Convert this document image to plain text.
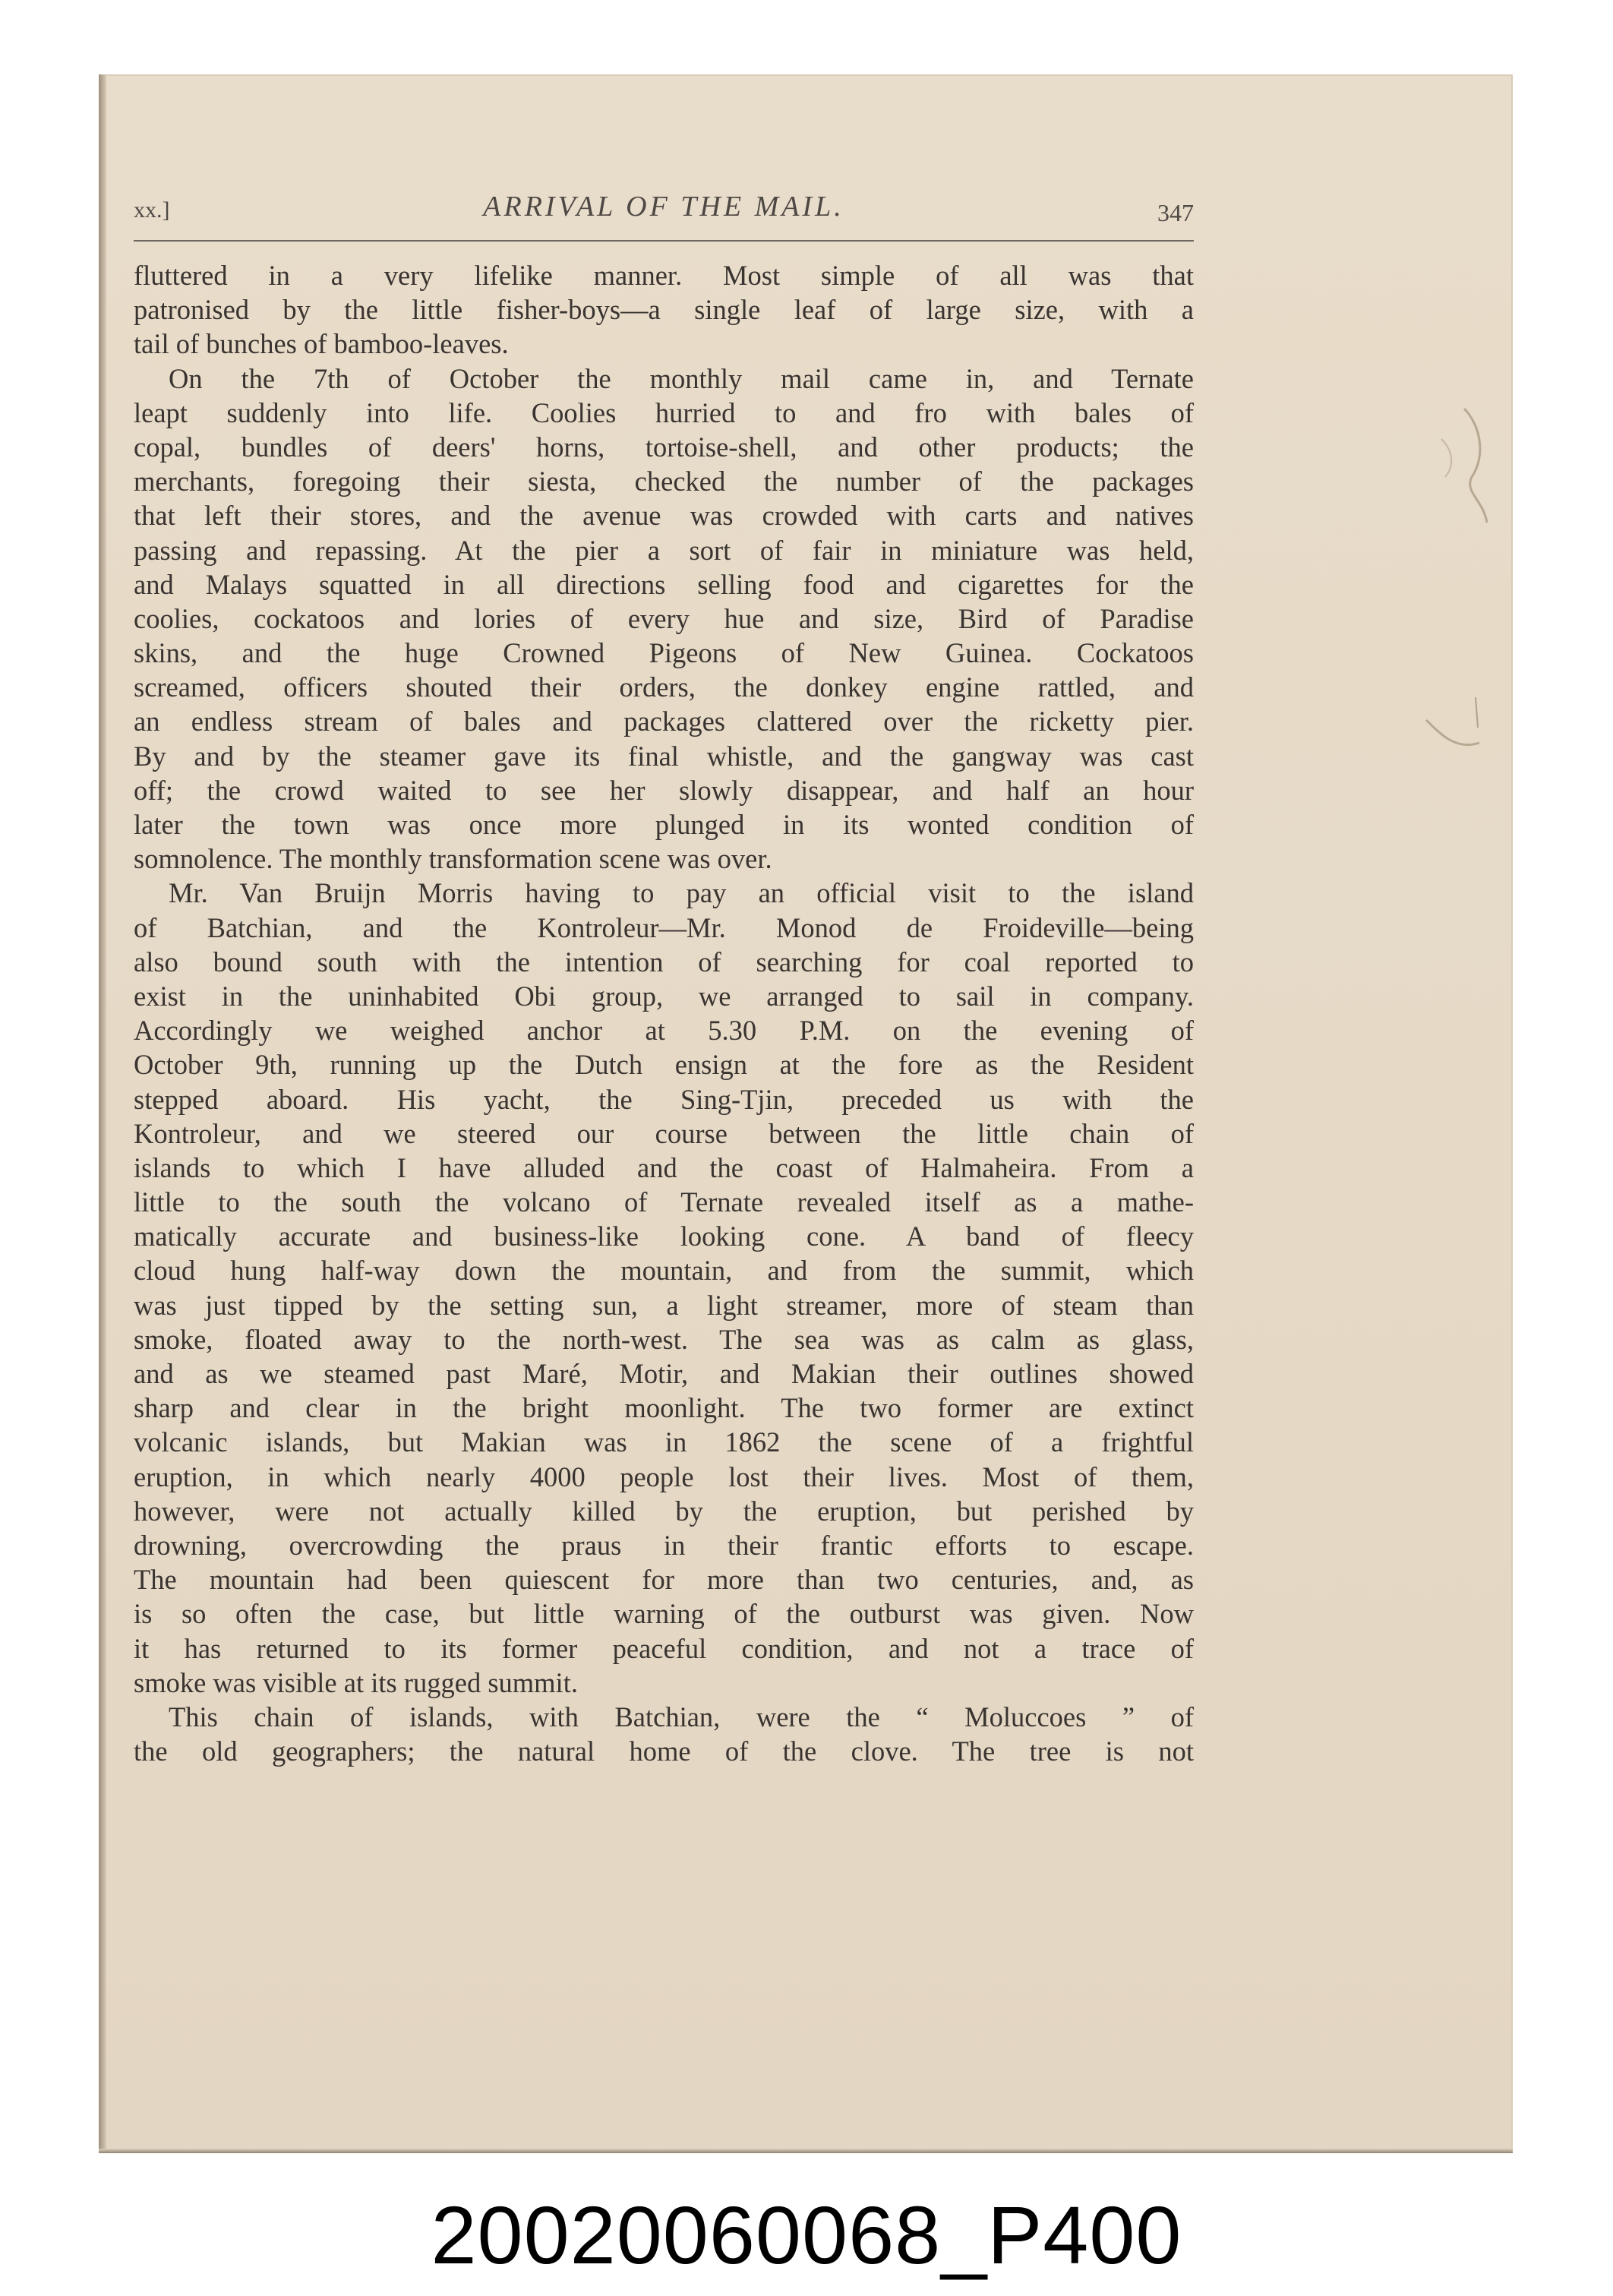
xx.]	ARRIVAL OF THE MAIL.	347

fluttered in a very lifelike manner. Most simple of all was that
patronised by the little fisher-boys—a single leaf of large size, with a
tail of bunches of bamboo-leaves.

On the 7th of October the monthly mail came in, and Ternate
leapt suddenly into life. Coolies hurried to and fro with bales of
copal, bundles of deers' horns, tortoise-shell, and other products; the
merchants, foregoing their siesta, checked the number of the packages
that left their stores, and the avenue was crowded with carts and natives
passing and repassing. At the pier a sort of fair in miniature was held,
and Malays squatted in all directions selling food and cigarettes for the
coolies, cockatoos and lories of every hue and size, Bird of Paradise
skins, and the huge Crowned Pigeons of New Guinea. Cockatoos
screamed, officers shouted their orders, the donkey engine rattled, and
an endless stream of bales and packages clattered over the ricketty pier.
By and by the steamer gave its final whistle, and the gangway was cast
off; the crowd waited to see her slowly disappear, and half an hour
later the town was once more plunged in its wonted condition of
somnolence. The monthly transformation scene was over.

Mr. Van Bruijn Morris having to pay an official visit to the island
of Batchian, and the Kontroleur—Mr. Monod de Froideville—being
also bound south with the intention of searching for coal reported to
exist in the uninhabited Obi group, we arranged to sail in company.
Accordingly we weighed anchor at 5.30 P.M. on the evening of
October 9th, running up the Dutch ensign at the fore as the Resident
stepped aboard. His yacht, the Sing-Tjin, preceded us with the
Kontroleur, and we steered our course between the little chain of
islands to which I have alluded and the coast of Halmaheira. From a
little to the south the volcano of Ternate revealed itself as a mathe-
matically accurate and business-like looking cone. A band of fleecy
cloud hung half-way down the mountain, and from the summit, which
was just tipped by the setting sun, a light streamer, more of steam than
smoke, floated away to the north-west. The sea was as calm as glass,
and as we steamed past Maré, Motir, and Makian their outlines showed
sharp and clear in the bright moonlight. The two former are extinct
volcanic islands, but Makian was in 1862 the scene of a frightful
eruption, in which nearly 4000 people lost their lives. Most of them,
however, were not actually killed by the eruption, but perished by
drowning, overcrowding the praus in their frantic efforts to escape.
The mountain had been quiescent for more than two centuries, and, as
is so often the case, but little warning of the outburst was given. Now
it has returned to its former peaceful condition, and not a trace of
smoke was visible at its rugged summit.

This chain of islands, with Batchian, were the “ Moluccoes ” of
the old geographers; the natural home of the clove. The tree is not

20020060068_P400
